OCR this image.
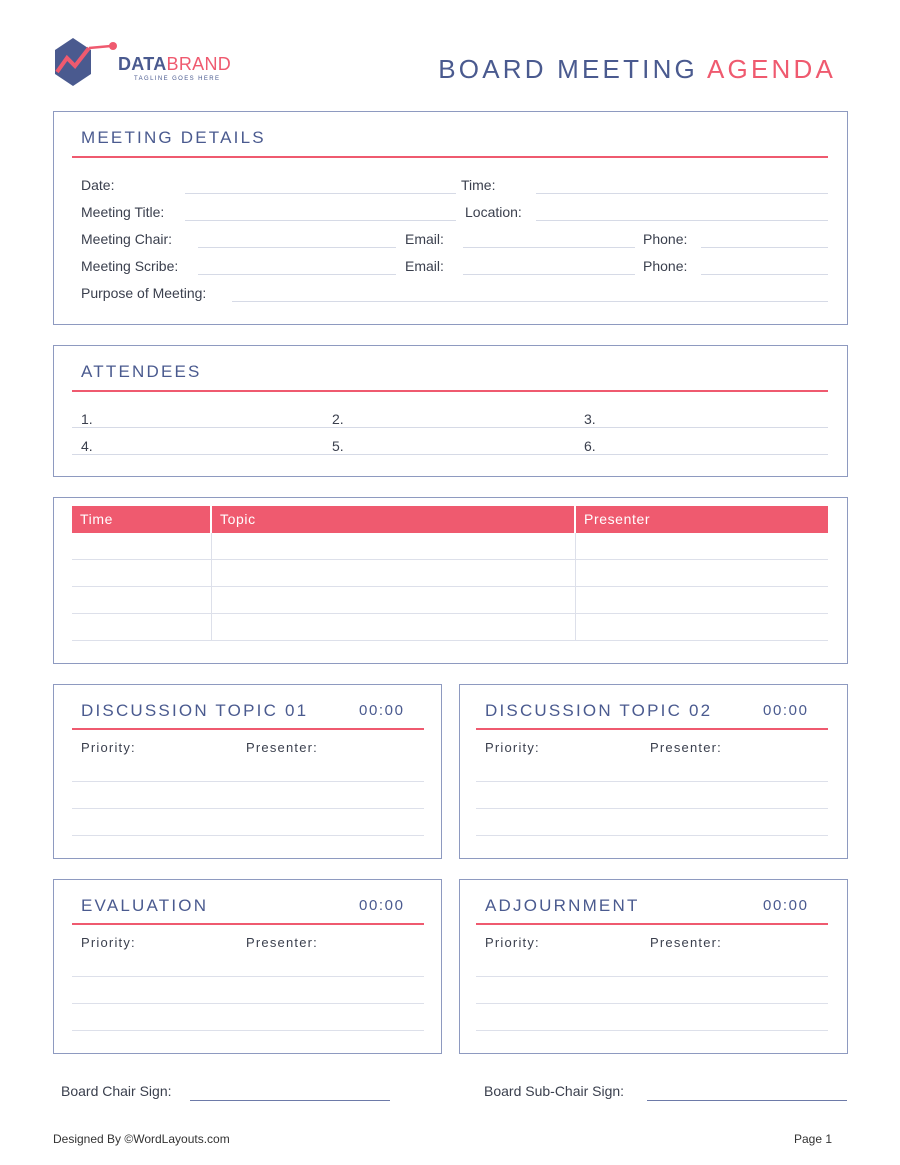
DATABRAND
TAGLINE GOES HERE	BOARD MEETING AGENDA
MEETING DETAILS
Date:	Time:
Meeting Title:	Location:
Meeting Chair:	Email:	Phone:
Meeting Scribe:	Email:	Phone:
Purpose of Meeting:
ATTENDEES
1.	2.	3.
4.	5.	6.
Time	Topic	Presenter
DISCUSSION TOPIC 01	00:00
Priority:	Presenter:
DISCUSSION TOPIC 02	00:00
Priority:	Presenter:
EVALUATION	00:00
Priority:	Presenter:
ADJOURNMENT	00:00
Priority:	Presenter:
Board Chair Sign:	Board Sub-Chair Sign:
Designed By ©WordLayouts.com	Page 1
